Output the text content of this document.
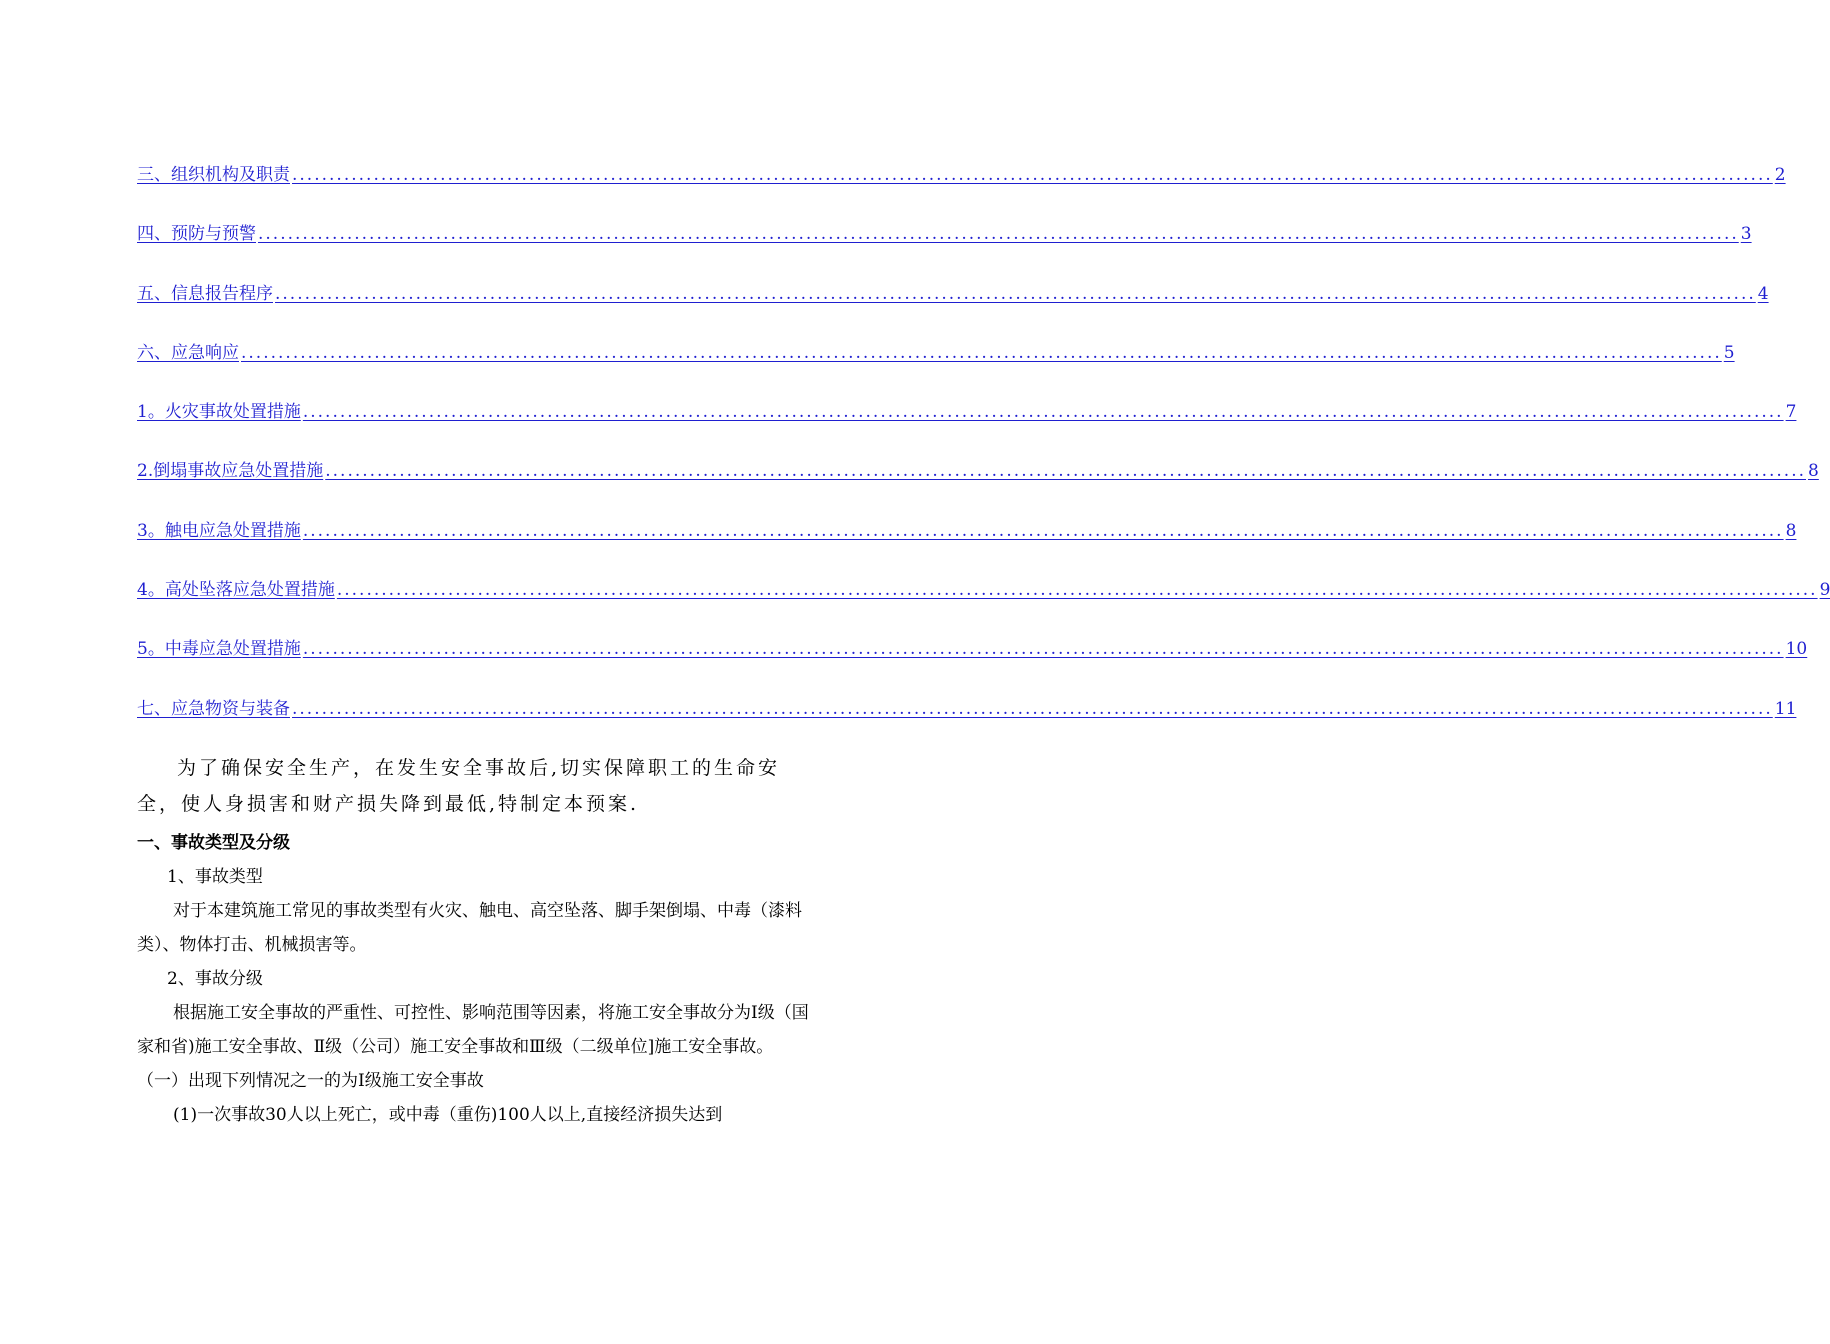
三、组织机构及职责 ........................................................................................................................................................................................................ 2
四、预防与预警 ........................................................................................................................................................................................................ 3
五、信息报告程序 ........................................................................................................................................................................................................ 4
六、应急响应 ........................................................................................................................................................................................................ 5
1。火灾事故处置措施 ........................................................................................................................................................................................................ 7
2.倒塌事故应急处置措施 ........................................................................................................................................................................................................ 8
3。触电应急处置措施 ........................................................................................................................................................................................................ 8
4。高处坠落应急处置措施 ........................................................................................................................................................................................................ 9
5。中毒应急处置措施 ........................................................................................................................................................................................................ 10
七、应急物资与装备 ........................................................................................................................................................................................................ 11

为了确保安全生产，在发生安全事故后,切实保障职工的生命安全，使人身损害和财产损失降到最低,特制定本预案.

一、事故类型及分级

1、事故类型

对于本建筑施工常见的事故类型有火灾、触电、高空坠落、脚手架倒塌、中毒（漆料类）、物体打击、机械损害等。

2、事故分级

根据施工安全事故的严重性、可控性、影响范围等因素，将施工安全事故分为Ⅰ级（国家和省)施工安全事故、Ⅱ级（公司）施工安全事故和Ⅲ级（二级单位]施工安全事故。

（一）出现下列情况之一的为Ⅰ级施工安全事故

(1)一次事故30人以上死亡，或中毒（重伤)100人以上,直接经济损失达到
